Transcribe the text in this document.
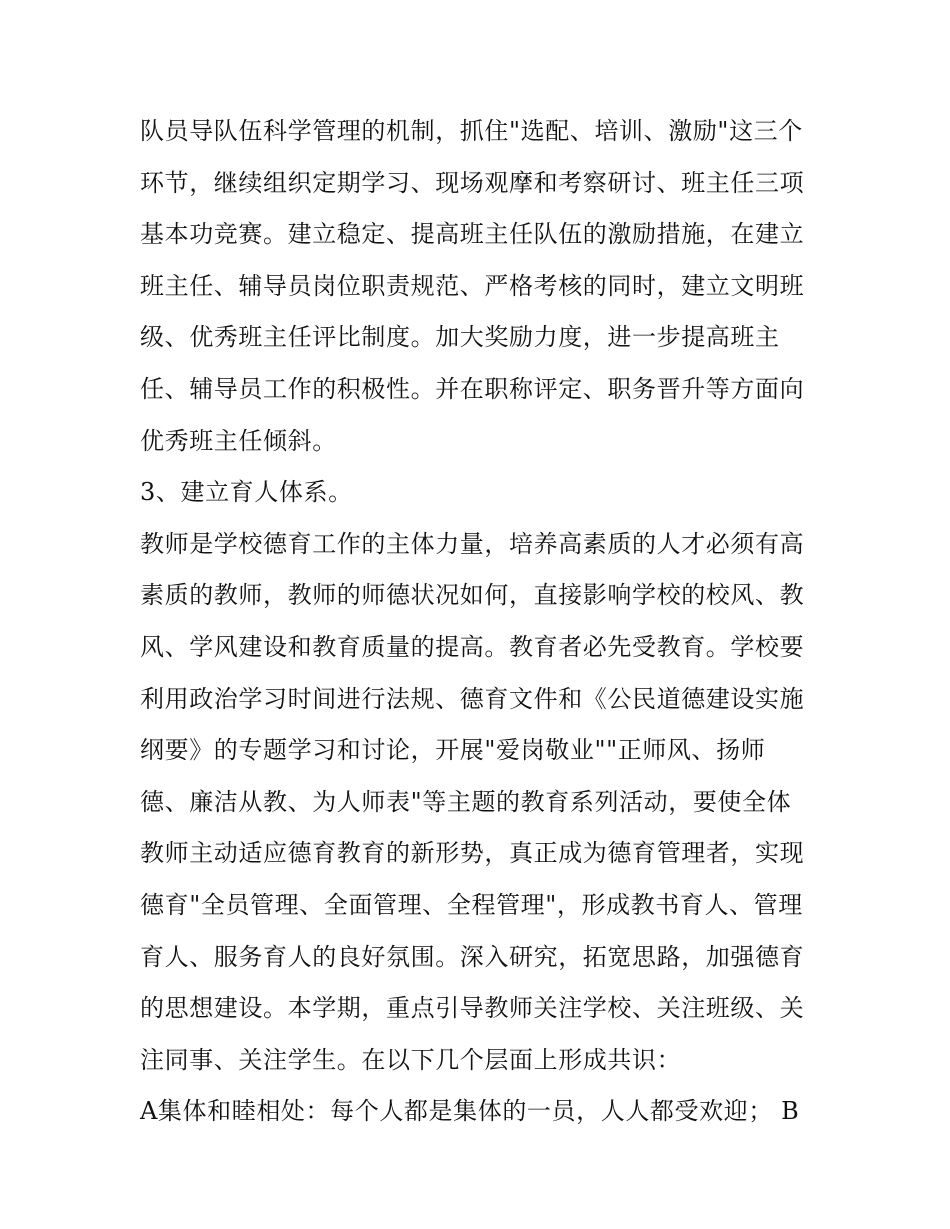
队员导队伍科学管理的机制，抓住"选配、培训、激励"这三个
环节，继续组织定期学习、现场观摩和考察研讨、班主任三项
基本功竞赛。建立稳定、提高班主任队伍的激励措施，在建立
班主任、辅导员岗位职责规范、严格考核的同时，建立文明班
级、优秀班主任评比制度。加大奖励力度，进一步提高班主
任、辅导员工作的积极性。并在职称评定、职务晋升等方面向
优秀班主任倾斜。
3、建立育人体系。
教师是学校德育工作的主体力量，培养高素质的人才必须有高
素质的教师，教师的师德状况如何，直接影响学校的校风、教
风、学风建设和教育质量的提高。教育者必先受教育。学校要
利用政治学习时间进行法规、德育文件和《公民道德建设实施
纲要》的专题学习和讨论，开展"爱岗敬业""正师风、扬师
德、廉洁从教、为人师表"等主题的教育系列活动，要使全体
教师主动适应德育教育的新形势，真正成为德育管理者，实现
德育"全员管理、全面管理、全程管理"，形成教书育人、管理
育人、服务育人的良好氛围。深入研究，拓宽思路，加强德育
的思想建设。本学期，重点引导教师关注学校、关注班级、关
注同事、关注学生。在以下几个层面上形成共识：
A集体和睦相处：每个人都是集体的一员，人人都受欢迎； B
